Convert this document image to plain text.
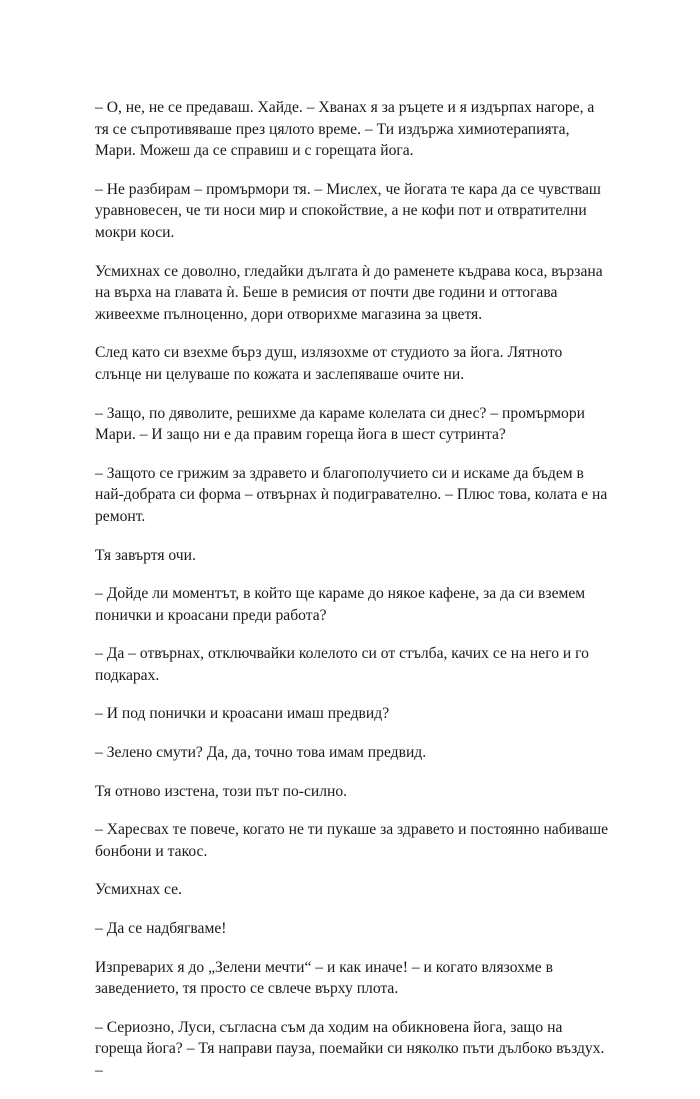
– О, не, не се предаваш. Хайде. – Хванах я за ръцете и я издърпах нагоре, а тя се съпротивяваше през цялото време. – Ти издържа химиотерапията, Мари. Можеш да се справиш и с горещата йога.

– Не разбирам – промърмори тя. – Мислех, че йогата те кара да се чувстваш уравновесен, че ти носи мир и спокойствие, а не кофи пот и отвратителни мокри коси.

Усмихнах се доволно, гледайки дългата ѝ до раменете къдрава коса, вързана на върха на главата ѝ. Беше в ремисия от почти две години и оттогава живеехме пълноценно, дори отворихме магазина за цветя.

След като си взехме бърз душ, излязохме от студиото за йога. Лятното слънце ни целуваше по кожата и заслепяваше очите ни.

– Защо, по дяволите, решихме да караме колелата си днес? – промърмори Мари. – И защо ни е да правим гореща йога в шест сутринта?

– Защото се грижим за здравето и благополучието си и искаме да бъдем в най-добрата си форма – отвърнах ѝ подигравателно. – Плюс това, колата е на ремонт.

Тя завъртя очи.

– Дойде ли моментът, в който ще караме до някое кафене, за да си вземем понички и кроасани преди работа?

– Да – отвърнах, отключвайки колелото си от стълба, качих се на него и го подкарах.

– И под понички и кроасани имаш предвид?

– Зелено смути? Да, да, точно това имам предвид.

Тя отново изстена, този път по-силно.

– Харесвах те повече, когато не ти пукаше за здравето и постоянно набиваше бонбони и такос.

Усмихнах се.

– Да се надбягваме!

Изпреварих я до „Зелени мечти“ – и как иначе! – и когато влязохме в заведението, тя просто се свлече върху плота.

– Сериозно, Луси, съгласна съм да ходим на обикновена йога, защо на гореща йога? – Тя направи пауза, поемайки си няколко пъти дълбоко въздух. –
